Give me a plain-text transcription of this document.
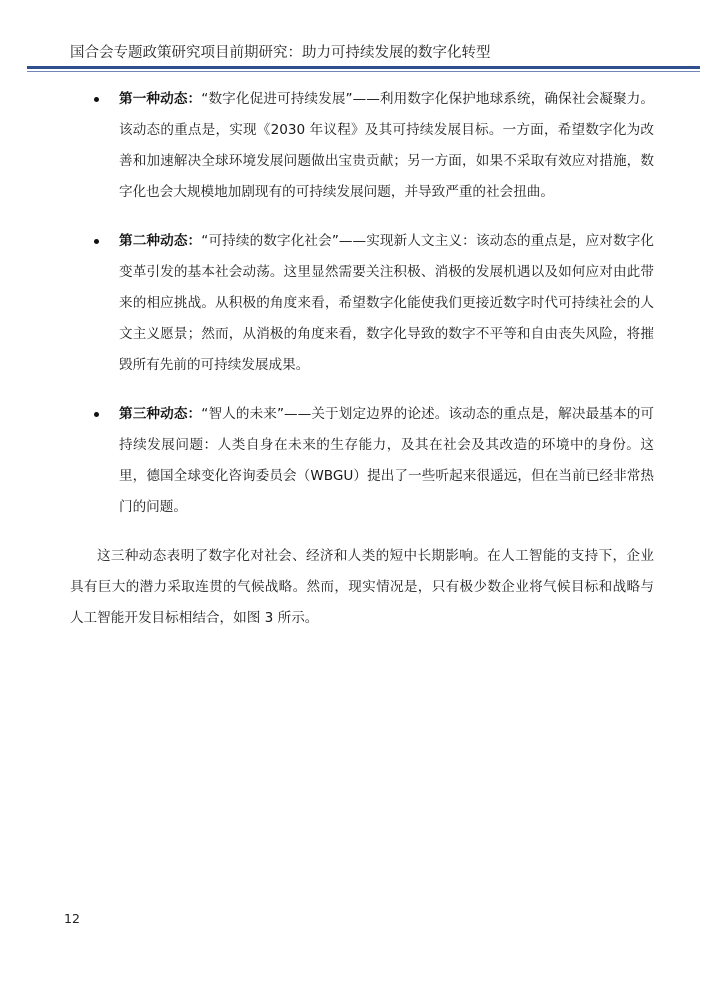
国合会专题政策研究项目前期研究：助力可持续发展的数字化转型
第一种动态：“数字化促进可持续发展”——利用数字化保护地球系统，确保社会凝聚力。该动态的重点是，实现《2030 年议程》及其可持续发展目标。一方面，希望数字化为改善和加速解决全球环境发展问题做出宝贵贡献；另一方面，如果不采取有效应对措施，数字化也会大规模地加剧现有的可持续发展问题，并导致严重的社会扭曲。
第二种动态：“可持续的数字化社会”——实现新人文主义：该动态的重点是，应对数字化变革引发的基本社会动荡。这里显然需要关注积极、消极的发展机遇以及如何应对由此带来的相应挑战。从积极的角度来看，希望数字化能使我们更接近数字时代可持续社会的人文主义愿景；然而，从消极的角度来看，数字化导致的数字不平等和自由丧失风险，将摧毁所有先前的可持续发展成果。
第三种动态：“智人的未来”——关于划定边界的论述。该动态的重点是，解决最基本的可持续发展问题：人类自身在未来的生存能力，及其在社会及其改造的环境中的身份。这里，德国全球变化咨询委员会（WBGU）提出了一些听起来很遥远，但在当前已经非常热门的问题。

这三种动态表明了数字化对社会、经济和人类的短中长期影响。在人工智能的支持下，企业具有巨大的潜力采取连贯的气候战略。然而，现实情况是，只有极少数企业将气候目标和战略与人工智能开发目标相结合，如图 3 所示。

12
